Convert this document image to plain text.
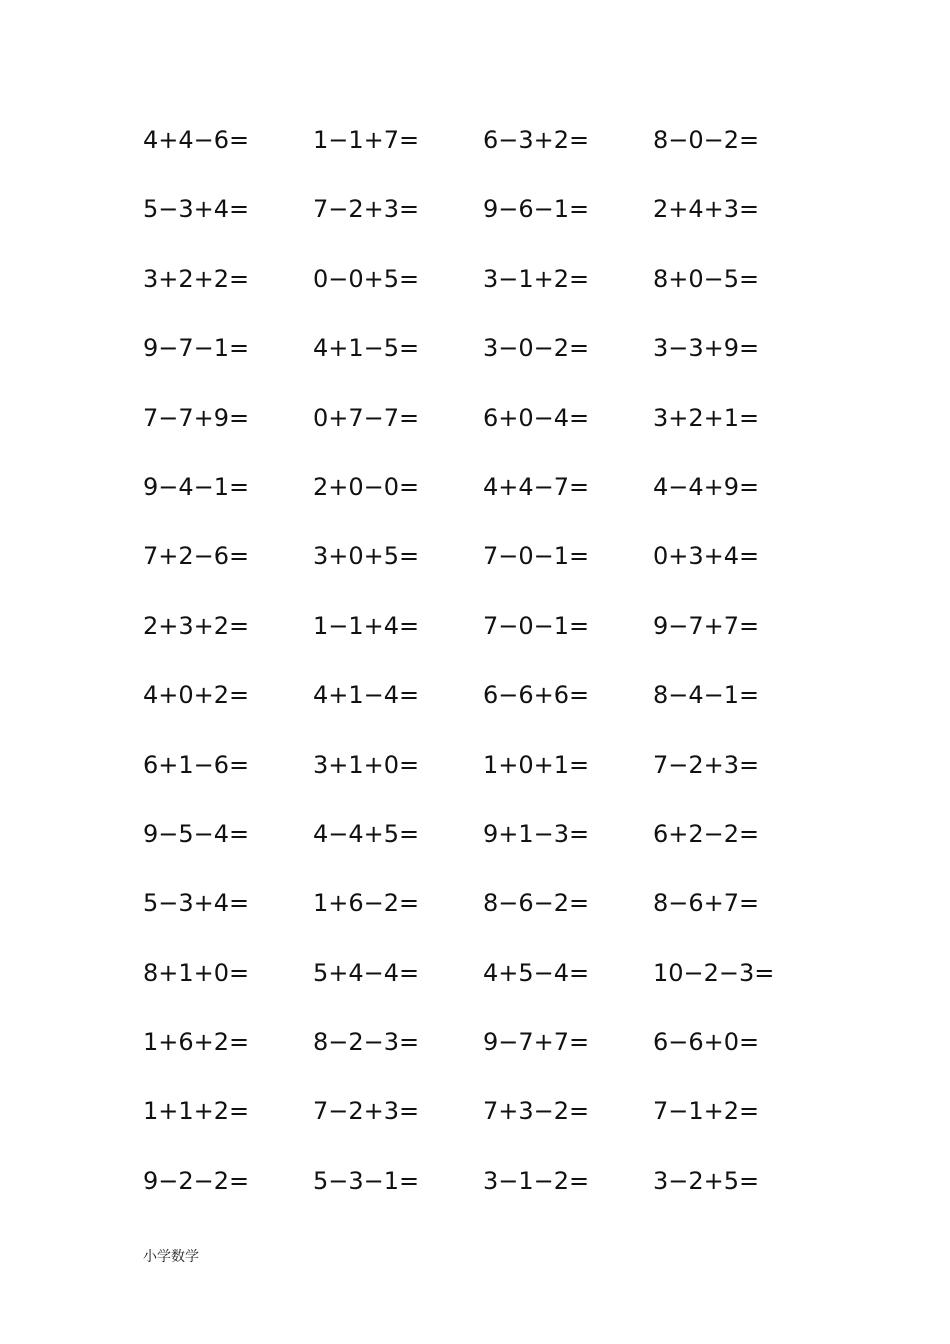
4+4−6=	1−1+7=	6−3+2=	8−0−2=
5−3+4=	7−2+3=	9−6−1=	2+4+3=
3+2+2=	0−0+5=	3−1+2=	8+0−5=
9−7−1=	4+1−5=	3−0−2=	3−3+9=
7−7+9=	0+7−7=	6+0−4=	3+2+1=
9−4−1=	2+0−0=	4+4−7=	4−4+9=
7+2−6=	3+0+5=	7−0−1=	0+3+4=
2+3+2=	1−1+4=	7−0−1=	9−7+7=
4+0+2=	4+1−4=	6−6+6=	8−4−1=
6+1−6=	3+1+0=	1+0+1=	7−2+3=
9−5−4=	4−4+5=	9+1−3=	6+2−2=
5−3+4=	1+6−2=	8−6−2=	8−6+7=
8+1+0=	5+4−4=	4+5−4=	10−2−3=
1+6+2=	8−2−3=	9−7+7=	6−6+0=
1+1+2=	7−2+3=	7+3−2=	7−1+2=
9−2−2=	5−3−1=	3−1−2=	3−2+5=
小学数学
